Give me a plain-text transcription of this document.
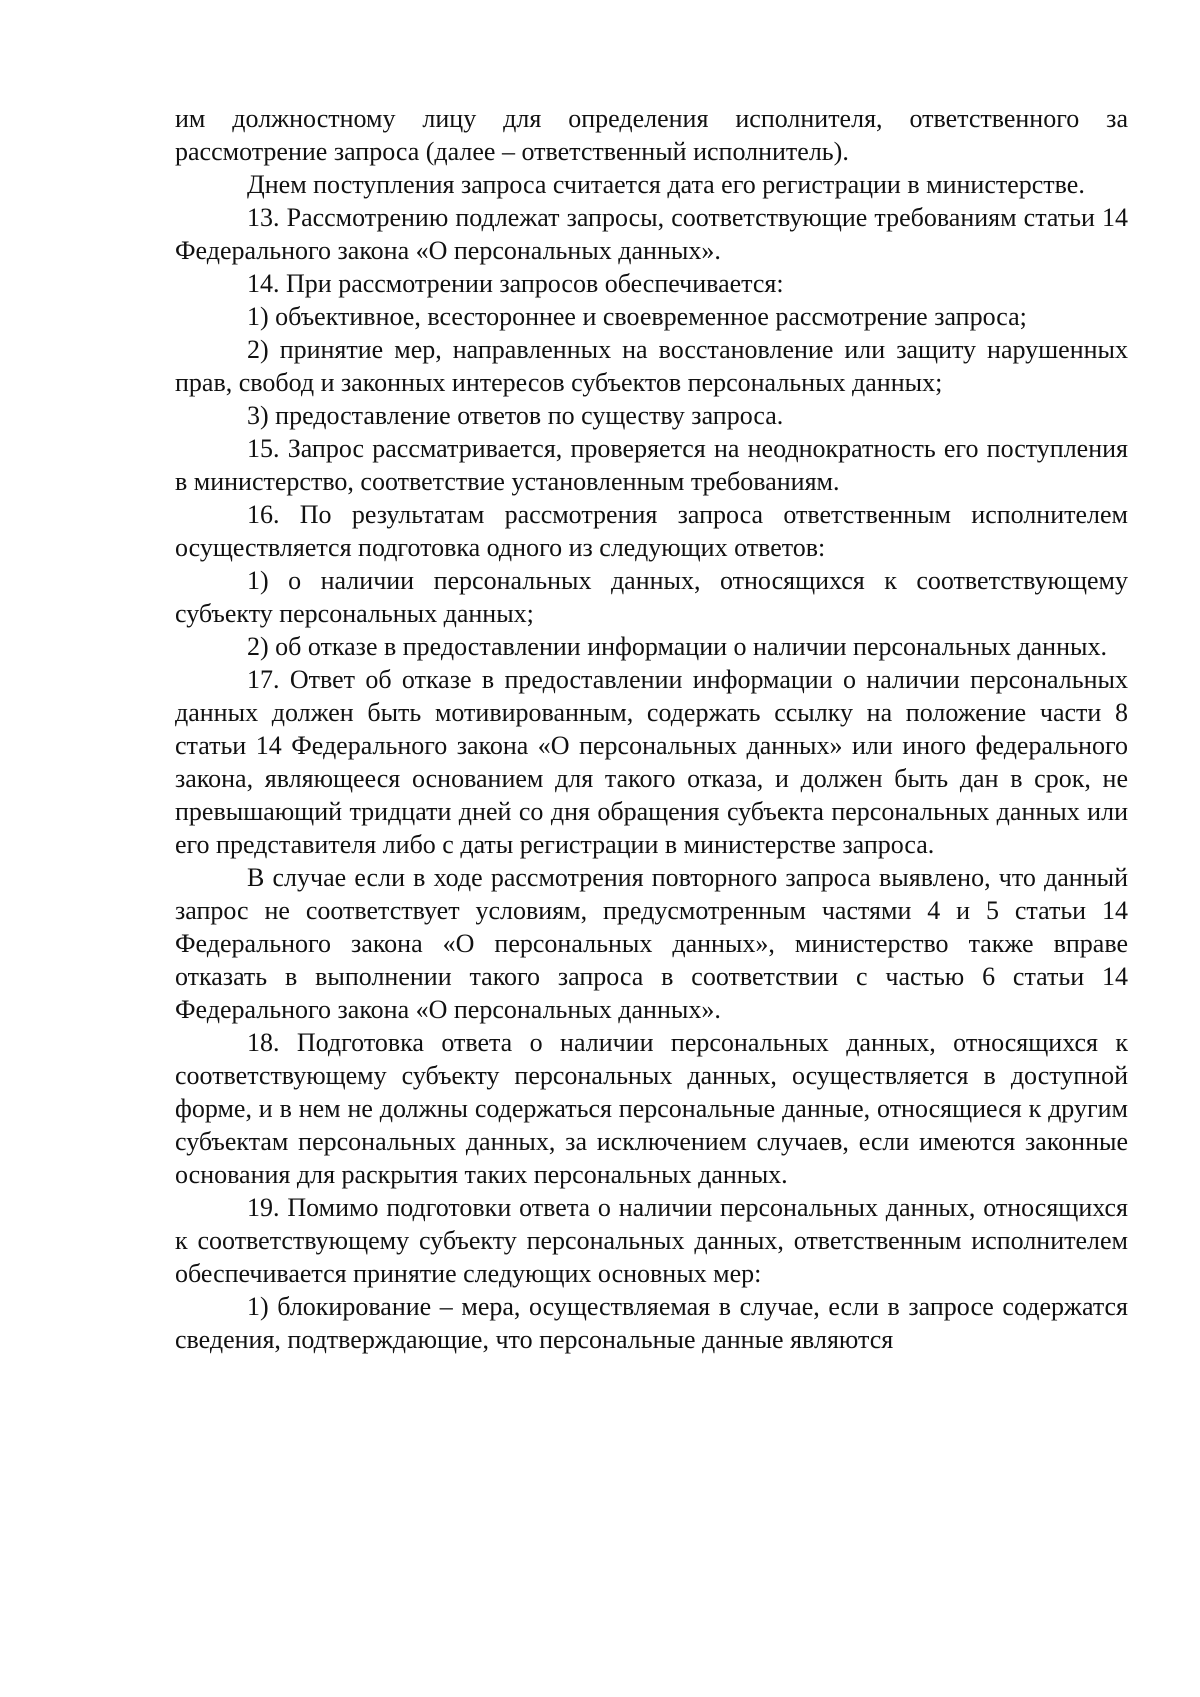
им должностному лицу для определения исполнителя, ответственного за рассмотрение запроса (далее – ответственный исполнитель).

Днем поступления запроса считается дата его регистрации в министерстве.

13. Рассмотрению подлежат запросы, соответствующие требованиям статьи 14 Федерального закона «О персональных данных».

14. При рассмотрении запросов обеспечивается:

1) объективное, всестороннее и своевременное рассмотрение запроса;

2) принятие мер, направленных на восстановление или защиту нарушенных прав, свобод и законных интересов субъектов персональных данных;

3) предоставление ответов по существу запроса.

15. Запрос рассматривается, проверяется на неоднократность его поступления в министерство, соответствие установленным требованиям.

16. По результатам рассмотрения запроса ответственным исполнителем осуществляется подготовка одного из следующих ответов:

1) о наличии персональных данных, относящихся к соответствующему субъекту персональных данных;

2) об отказе в предоставлении информации о наличии персональных данных.

17. Ответ об отказе в предоставлении информации о наличии персональных данных должен быть мотивированным, содержать ссылку на положение части 8 статьи 14 Федерального закона «О персональных данных» или иного федерального закона, являющееся основанием для такого отказа, и должен быть дан в срок, не превышающий тридцати дней со дня обращения субъекта персональных данных или его представителя либо с даты регистрации в министерстве запроса.

В случае если в ходе рассмотрения повторного запроса выявлено, что данный запрос не соответствует условиям, предусмотренным частями 4 и 5 статьи 14 Федерального закона «О персональных данных», министерство также вправе отказать в выполнении такого запроса в соответствии с частью 6 статьи 14 Федерального закона «О персональных данных».

18. Подготовка ответа о наличии персональных данных, относящихся к соответствующему субъекту персональных данных, осуществляется в доступной форме, и в нем не должны содержаться персональные данные, относящиеся к другим субъектам персональных данных, за исключением случаев, если имеются законные основания для раскрытия таких персональных данных.

19. Помимо подготовки ответа о наличии персональных данных, относящихся к соответствующему субъекту персональных данных, ответственным исполнителем обеспечивается принятие следующих основных мер:

1) блокирование – мера, осуществляемая в случае, если в запросе содержатся сведения, подтверждающие, что персональные данные являются
